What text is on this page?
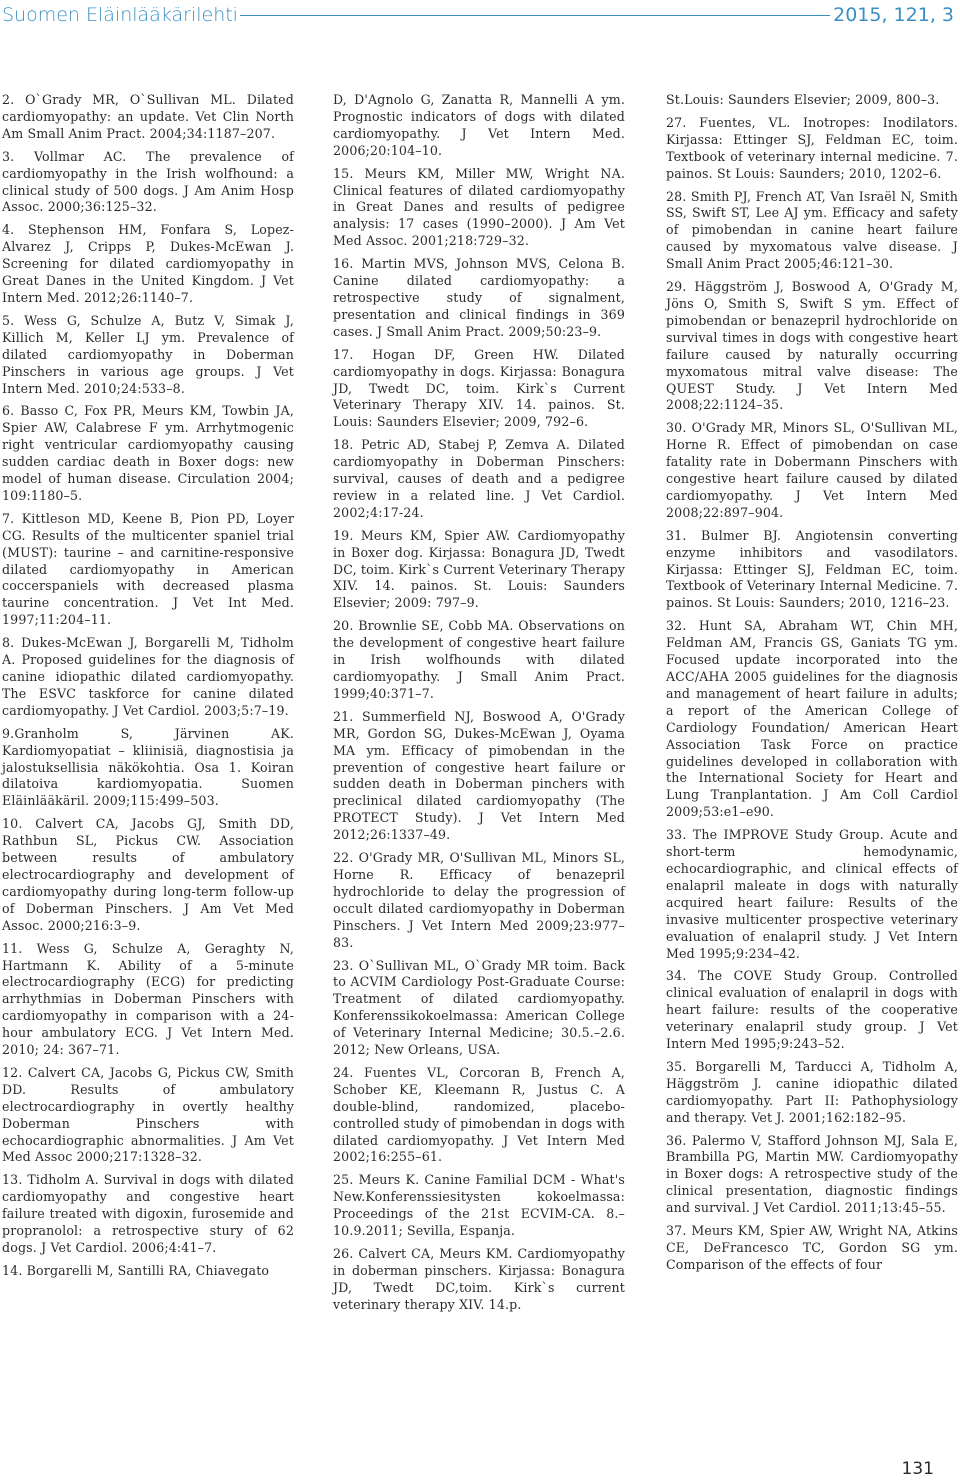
Suomen Eläinlääkärilehti	2015, 121, 3

2. O`Grady MR, O`Sullivan ML. Dilated cardiomyopathy: an update. Vet Clin North Am Small Anim Pract. 2004;34:1187–207.

3. Vollmar AC. The prevalence of cardiomyopathy in the Irish wolfhound: a clinical study of 500 dogs. J Am Anim Hosp Assoc. 2000;36:125–32.

4. Stephenson HM, Fonfara S, Lopez-Alvarez J, Cripps P, Dukes-McEwan J. Screening for dilated cardiomyopathy in Great Danes in the United Kingdom. J Vet Intern Med. 2012;26:1140–7.

5. Wess G, Schulze A, Butz V, Simak J, Killich M, Keller LJ ym. Prevalence of dilated cardiomyopathy in Doberman Pinschers in various age groups. J Vet Intern Med. 2010;24:533–8.

6. Basso C, Fox PR, Meurs KM, Towbin JA, Spier AW, Calabrese F ym. Arrhytmogenic right ventricular cardiomyopathy causing sudden cardiac death in Boxer dogs: new model of human disease. Circulation 2004; 109:1180–5.

7. Kittleson MD, Keene B, Pion PD, Loyer CG. Results of the multicenter spaniel trial (MUST): taurine – and carnitine-responsive dilated cardiomyopathy in American coccerspaniels with decreased plasma taurine concentration. J Vet Int Med. 1997;11:204–11.

8. Dukes-McEwan J, Borgarelli M, Tidholm A. Proposed guidelines for the diagnosis of canine idiopathic dilated cardiomyopathy. The ESVC taskforce for canine dilated cardiomyopathy. J Vet Cardiol. 2003;5:7–19.

9.Granholm S, Järvinen AK. Kardiomyopatiat – kliinisiä, diagnostisia ja jalostuksellisia näkökohtia. Osa 1. Koiran dilatoiva kardiomyopatia. Suomen Eläinlääkäril. 2009;115:499–503.

10. Calvert CA, Jacobs GJ, Smith DD, Rathbun SL, Pickus CW. Association between results of ambulatory electrocardiography and development of cardiomyopathy during long-term follow-up of Doberman Pinschers. J Am Vet Med Assoc. 2000;216:3–9.

11. Wess G, Schulze A, Geraghty N, Hartmann K. Ability of a 5-minute electrocardiography (ECG) for predicting arrhythmias in Doberman Pinschers with cardiomyopathy in comparison with a 24-hour ambulatory ECG. J Vet Intern Med. 2010; 24: 367–71.

12. Calvert CA, Jacobs G, Pickus CW, Smith DD. Results of ambulatory electrocardiography in overtly healthy Doberman Pinschers with echocardiographic abnormalities. J Am Vet Med Assoc 2000;217:1328–32.

13. Tidholm A. Survival in dogs with dilated cardiomyopathy and congestive heart failure treated with digoxin, furosemide and propranolol: a retrospective stury of 62 dogs. J Vet Cardiol. 2006;4:41–7.

14. Borgarelli M, Santilli RA, Chiavegato

D, D'Agnolo G, Zanatta R, Mannelli A ym. Prognostic indicators of dogs with dilated cardiomyopathy. J Vet Intern Med. 2006;20:104–10.

15. Meurs KM, Miller MW, Wright NA. Clinical features of dilated cardiomyopathy in Great Danes and results of pedigree analysis: 17 cases (1990–2000). J Am Vet Med Assoc. 2001;218:729–32.

16. Martin MVS, Johnson MVS, Celona B. Canine dilated cardiomyopathy: a retrospective study of signalment, presentation and clinical findings in 369 cases. J Small Anim Pract. 2009;50:23–9.

17. Hogan DF, Green HW. Dilated cardiomyopathy in dogs. Kirjassa: Bonagura JD, Twedt DC, toim. Kirk`s Current Veterinary Therapy XIV. 14. painos. St. Louis: Saunders Elsevier; 2009, 792–6.

18. Petric AD, Stabej P, Zemva A. Dilated cardiomyopathy in Doberman Pinschers: survival, causes of death and a pedigree review in a related line. J Vet Cardiol. 2002;4:17-24.

19. Meurs KM, Spier AW. Cardiomyopathy in Boxer dog. Kirjassa: Bonagura JD, Twedt DC, toim. Kirk`s Current Veterinary Therapy XIV. 14. painos. St. Louis: Saunders Elsevier; 2009: 797–9.

20. Brownlie SE, Cobb MA. Observations on the development of congestive heart failure in Irish wolfhounds with dilated cardiomyopathy. J Small Anim Pract. 1999;40:371–7.

21. Summerfield NJ, Boswood A, O'Grady MR, Gordon SG, Dukes-McEwan J, Oyama MA ym. Efficacy of pimobendan in the prevention of congestive heart failure or sudden death in Doberman pinchers with preclinical dilated cardiomyopathy (The PROTECT Study). J Vet Intern Med 2012;26:1337–49.

22. O'Grady MR, O'Sullivan ML, Minors SL, Horne R. Efficacy of benazepril hydrochloride to delay the progression of occult dilated cardiomyopathy in Doberman Pinschers. J Vet Intern Med 2009;23:977–83.

23. O`Sullivan ML, O`Grady MR toim. Back to ACVIM Cardiology Post-Graduate Course: Treatment of dilated cardiomyopathy. Konferenssikokoelmassa: American College of Veterinary Internal Medicine; 30.5.–2.6. 2012; New Orleans, USA.

24. Fuentes VL, Corcoran B, French A, Schober KE, Kleemann R, Justus C. A double-blind, randomized, placebo-controlled study of pimobendan in dogs with dilated cardiomyopathy. J Vet Intern Med 2002;16:255–61.

25. Meurs K. Canine Familial DCM - What's New.Konferenssiesitysten kokoelmassa: Proceedings of the 21st ECVIM-CA. 8.–10.9.2011; Sevilla, Espanja.

26. Calvert CA, Meurs KM. Cardiomyopathy in doberman pinschers. Kirjassa: Bonagura JD, Twedt DC,toim. Kirk`s current veterinary therapy XIV. 14.p.

St.Louis: Saunders Elsevier; 2009, 800–3.

27. Fuentes, VL. Inotropes: Inodilators. Kirjassa: Ettinger SJ, Feldman EC, toim. Textbook of veterinary internal medicine. 7. painos. St Louis: Saunders; 2010, 1202–6.

28. Smith PJ, French AT, Van Israël N, Smith SS, Swift ST, Lee AJ ym. Efficacy and safety of pimobendan in canine heart failure caused by myxomatous valve disease. J Small Anim Pract 2005;46:121–30.

29. Häggström J, Boswood A, O'Grady M, Jöns O, Smith S, Swift S ym. Effect of pimobendan or benazepril hydrochloride on survival times in dogs with congestive heart failure caused by naturally occurring myxomatous mitral valve disease: The QUEST Study. J Vet Intern Med 2008;22:1124–35.

30. O'Grady MR, Minors SL, O'Sullivan ML, Horne R. Effect of pimobendan on case fatality rate in Dobermann Pinschers with congestive heart failure caused by dilated cardiomyopathy. J Vet Intern Med 2008;22:897–904.

31. Bulmer BJ. Angiotensin converting enzyme inhibitors and vasodilators. Kirjassa: Ettinger SJ, Feldman EC, toim. Textbook of Veterinary Internal Medicine. 7. painos. St Louis: Saunders; 2010, 1216–23.

32. Hunt SA, Abraham WT, Chin MH, Feldman AM, Francis GS, Ganiats TG ym. Focused update incorporated into the ACC/AHA 2005 guidelines for the diagnosis and management of heart failure in adults; a report of the American College of Cardiology Foundation/ American Heart Association Task Force on practice guidelines developed in collaboration with the International Society for Heart and Lung Tranplantation. J Am Coll Cardiol 2009;53:e1–e90.

33. The IMPROVE Study Group. Acute and short-term hemodynamic, echocardiographic, and clinical effects of enalapril maleate in dogs with naturally acquired heart failure: Results of the invasive multicenter prospective veterinary evaluation of enalapril study. J Vet Intern Med 1995;9:234–42.

34. The COVE Study Group. Controlled clinical evaluation of enalapril in dogs with heart failure: results of the cooperative veterinary enalapril study group. J Vet Intern Med 1995;9:243–52.

35. Borgarelli M, Tarducci A, Tidholm A, Häggström J. canine idiopathic dilated cardiomyopathy. Part II: Pathophysiology and therapy. Vet J. 2001;162:182–95.

36. Palermo V, Stafford Johnson MJ, Sala E, Brambilla PG, Martin MW. Cardiomyopathy in Boxer dogs: A retrospective study of the clinical presentation, diagnostic findings and survival. J Vet Cardiol. 2011;13:45–55.

37. Meurs KM, Spier AW, Wright NA, Atkins CE, DeFrancesco TC, Gordon SG ym. Comparison of the effects of four

131
